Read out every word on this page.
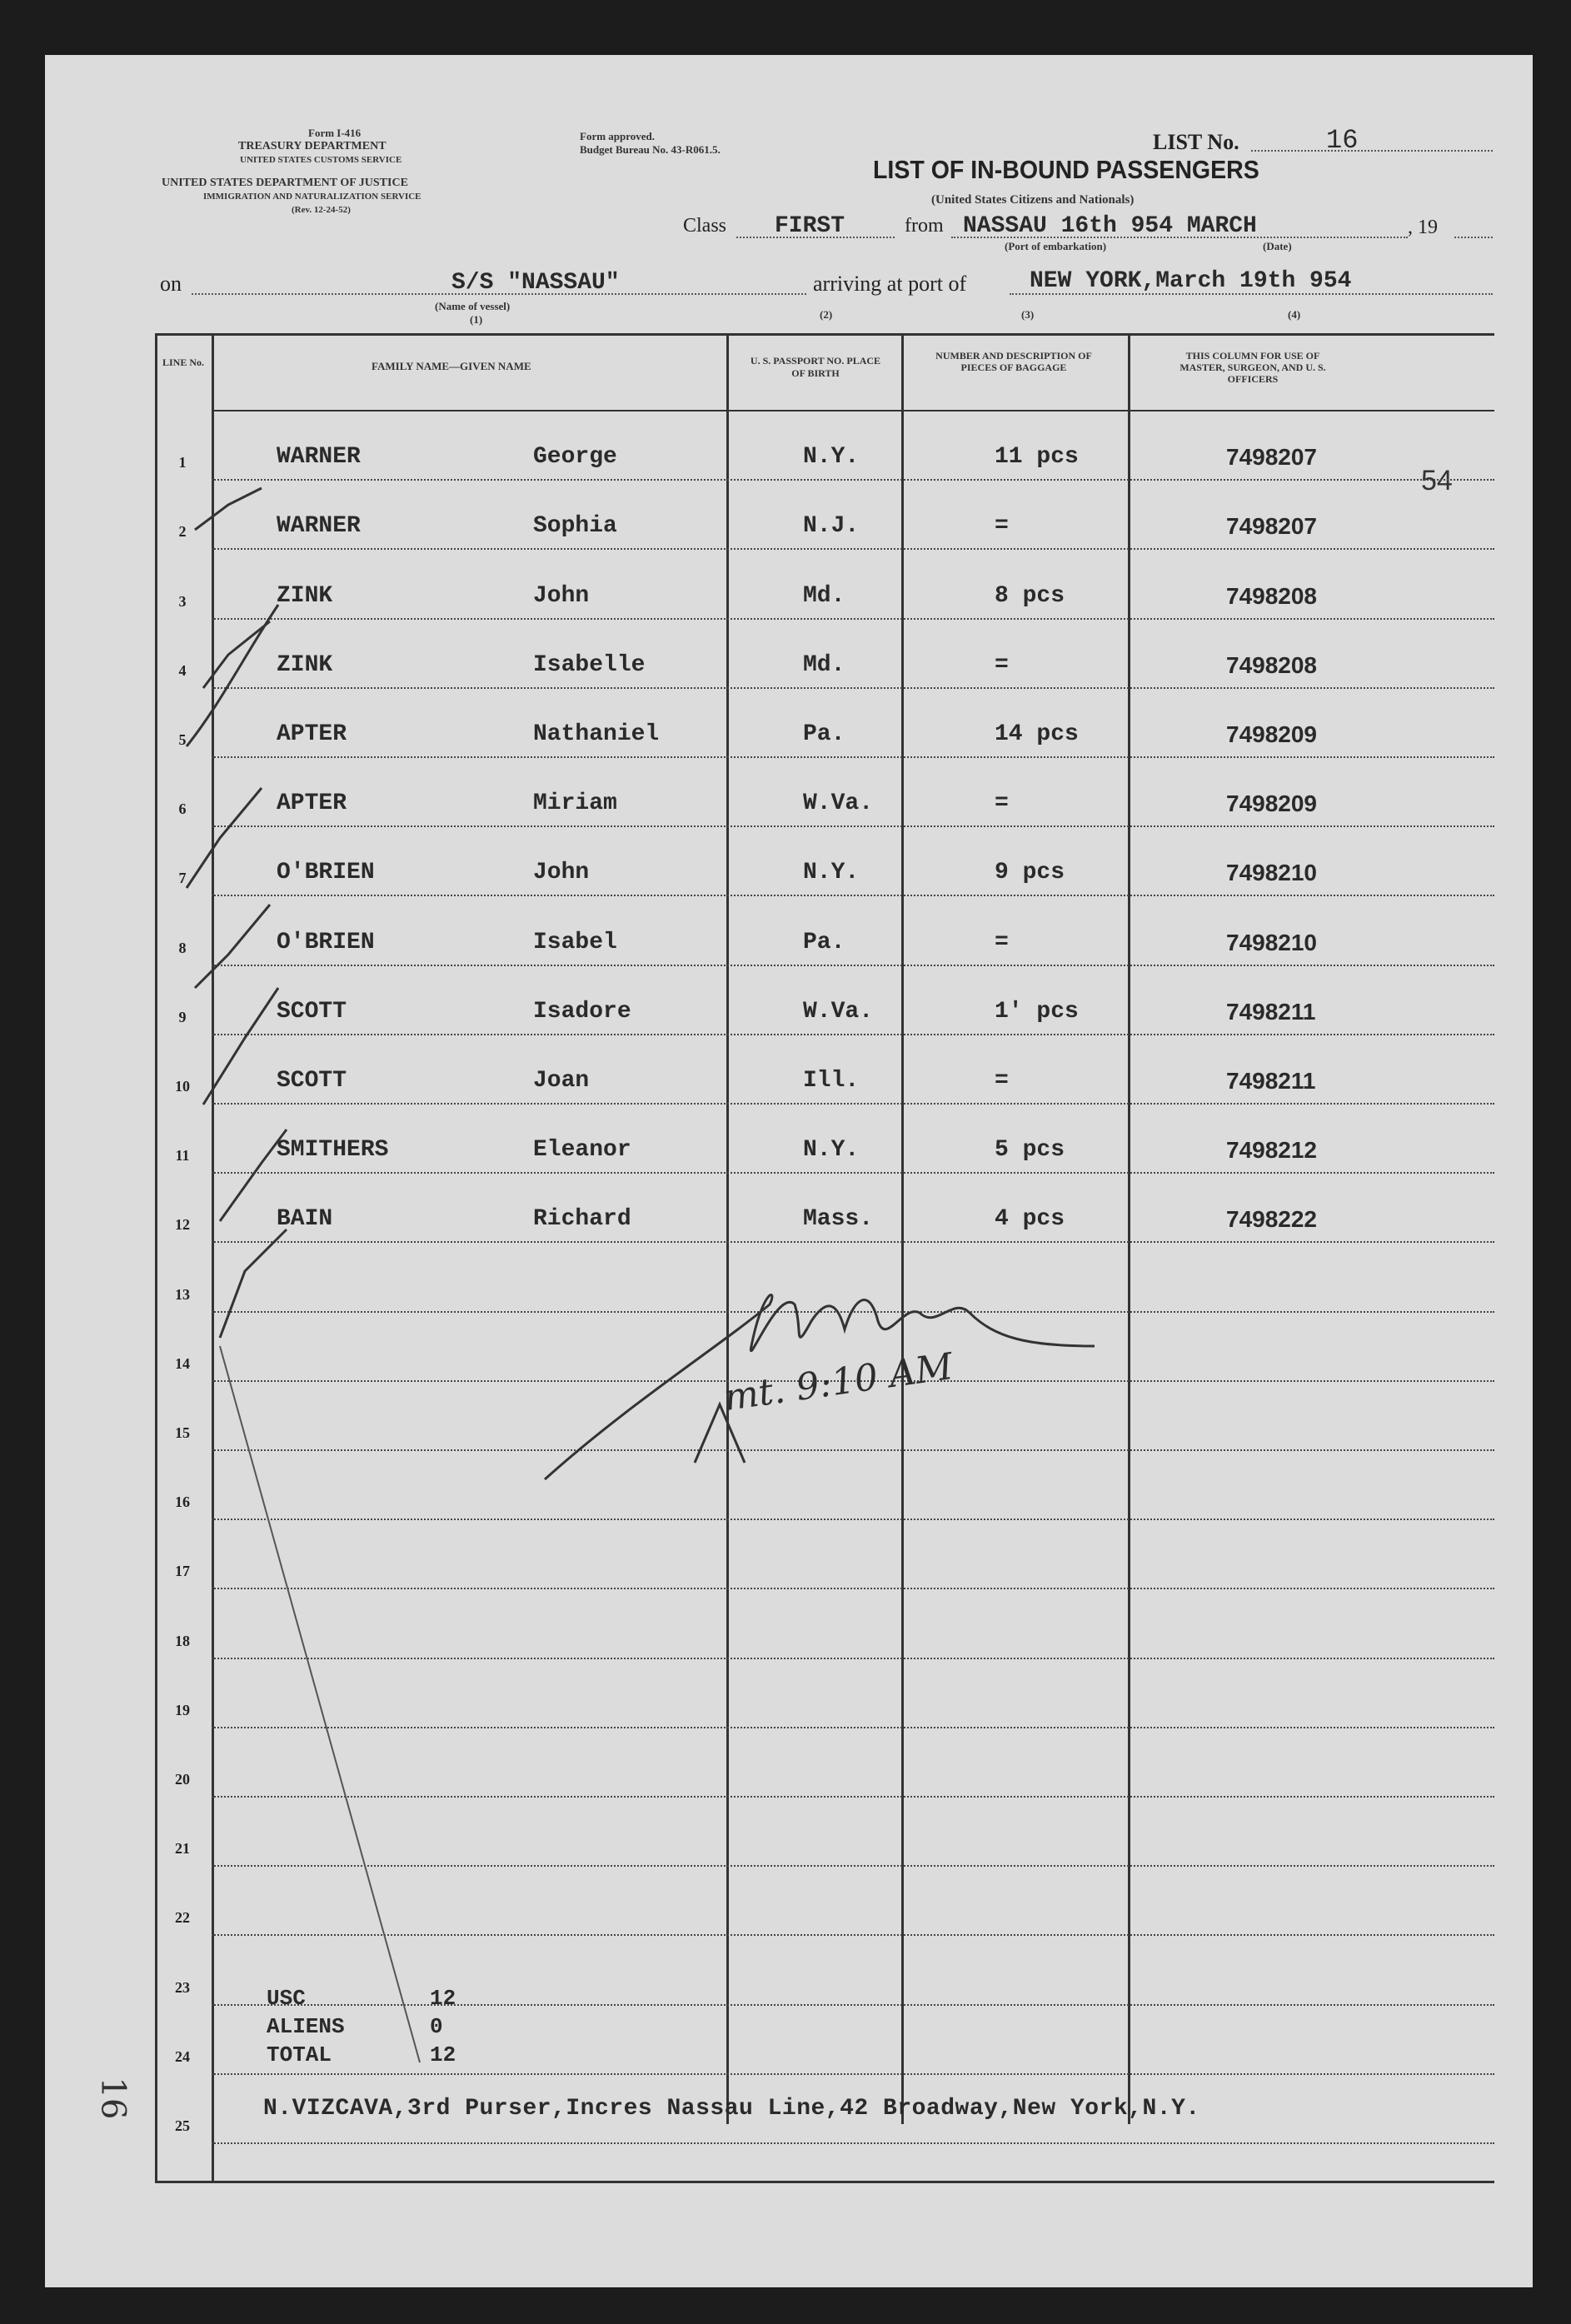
Form I-416
TREASURY DEPARTMENT
UNITED STATES CUSTOMS SERVICE
UNITED STATES DEPARTMENT OF JUSTICE
IMMIGRATION AND NATURALIZATION SERVICE
(Rev. 12-24-52)
Form approved.
Budget Bureau No. 43-R061.5.	LIST No.	16
LIST OF IN-BOUND PASSENGERS
(United States Citizens and Nationals)
Class FIRST	from NASSAU 16th 954 MARCH	, 19
(Port of embarkation)	(Date)
on	S/S "NASSAU"
(Name of vessel)
(1)
arriving at port of	NEW YORK,March 19th 954
(2)	(3)	(4)
LINE No.	FAMILY NAME—GIVEN NAME	U. S. PASSPORT NO. PLACE OF BIRTH
NUMBER AND DESCRIPTION OF PIECES OF BAGGAGE
THIS COLUMN FOR USE OF MASTER, SURGEON, AND U. S. OFFICERS
54
1	WARNER	George	N.Y.	11 pcs	7498207
2	WARNER	Sophia	N.J.	=	7498207
3	ZINK	John	Md.	8 pcs	7498208
4	ZINK	Isabelle	Md.	=	7498208
5	APTER	Nathaniel	Pa.	14 pcs	7498209
6	APTER	Miriam	W.Va.	=	7498209
7	O'BRIEN	John	N.Y.	9 pcs	7498210
8	O'BRIEN	Isabel	Pa.	=	7498210
9	SCOTT	Isadore	W.Va.	1' pcs	7498211
10	SCOTT	Joan	Ill.	=	7498211
11	SMITHERS	Eleanor	N.Y.	5 pcs	7498212
12	BAIN	Richard	Mass.	4 pcs	7498222
13
14
15
16
17
18
19
20
21
22
23
24
25
USC	12
ALIENS	0
TOTAL	12
N.VIZCAVA,3rd Purser,Incres Nassau Line,42 Broadway,New York,N.Y.
mt. 9:10 AM
16
